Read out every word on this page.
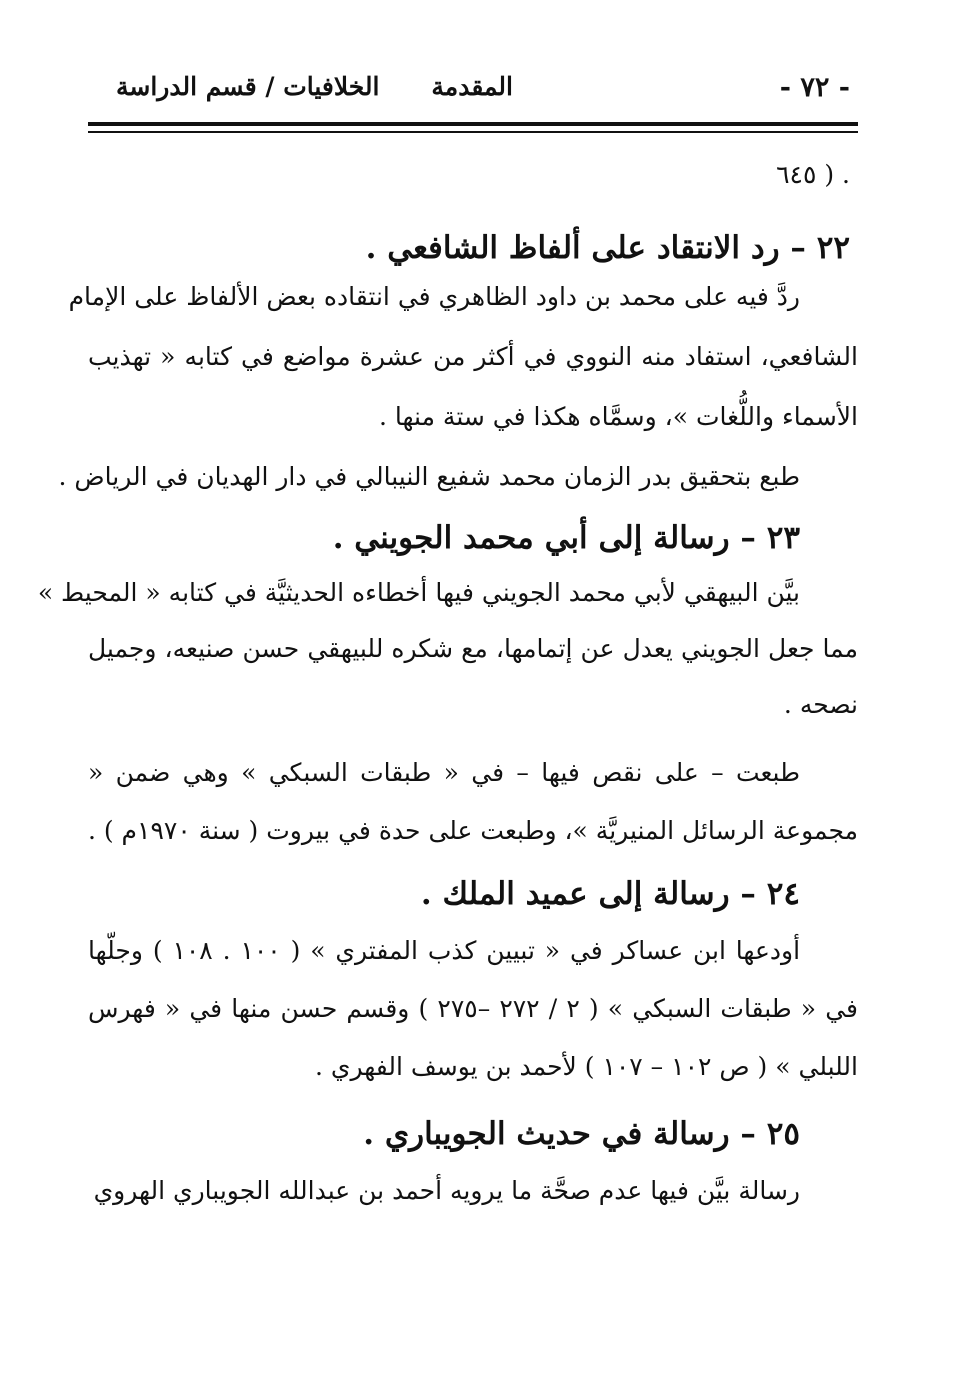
- ٧٢ -
المقدمة
الخلافيات / قسم الدراسة
. ( ٦٤٥
٢٢ – رد الانتقاد على ألفاظ الشافعي .
ردَّ فيه على محمد بن داود الظاهري في انتقاده بعض الألفاظ على الإمام
الشافعي، استفاد منه النووي في أكثر من عشرة مواضع في كتابه « تهذيب
الأسماء واللُّغات »، وسمَّاه هكذا في ستة منها .
طبع بتحقيق بدر الزمان محمد شفيع النيبالي في دار الهديان في الرياض .
٢٣ – رسالة إلى أبي محمد الجويني .
بيَّن البيهقي لأبي محمد الجويني فيها أخطاءه الحديثيَّة في كتابه « المحيط »
مما جعل الجويني يعدل عن إتمامها، مع شكره للبيهقي حسن صنيعه، وجميل
نصحه .
طبعت – على نقص فيها – في « طبقات السبكي » وهي ضمن «
مجموعة الرسائل المنيريَّة »، وطبعت على حدة في بيروت ( سنة ١٩٧٠م ) .
٢٤ – رسالة إلى عميد الملك .
أودعها ابن عساكر في « تبيين كذب المفتري » ( ١٠٠ . ١٠٨ ) وجلّها
في « طبقات السبكي » ( ٢ / ٢٧٢ –٢٧٥ ) وقسم حسن منها في « فهرس
اللبلي » ( ص ١٠٢ – ١٠٧ ) لأحمد بن يوسف الفهري .
٢٥ – رسالة في حديث الجويباري .
رسالة بيَّن فيها عدم صحَّة ما يرويه أحمد بن عبدالله الجويباري الهروي
